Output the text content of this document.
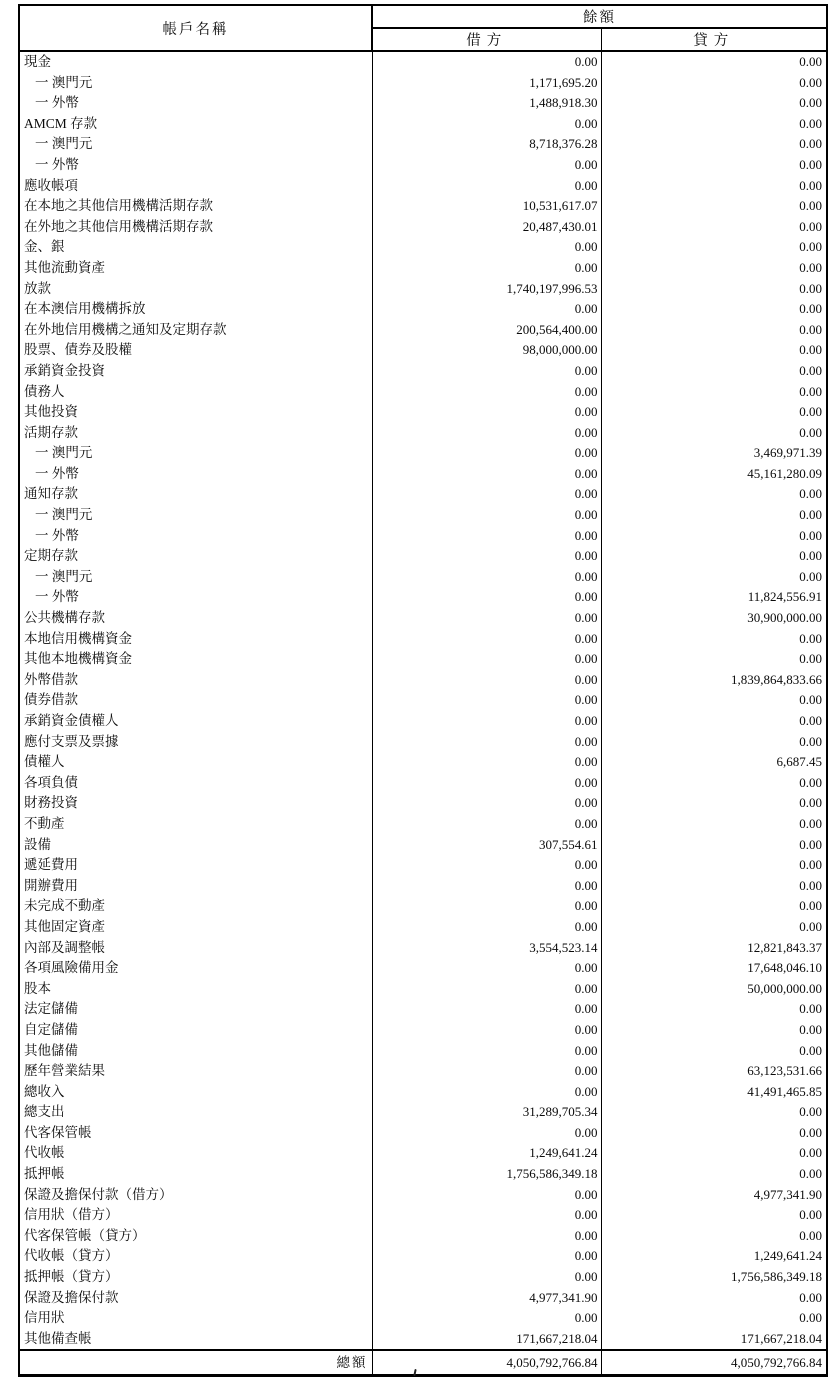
帳戶名稱	餘額	
	借方	貸方
現金	0.00	0.00
一 澳門元	1,171,695.20	0.00
一 外幣	1,488,918.30	0.00
AMCM 存款	0.00	0.00
一 澳門元	8,718,376.28	0.00
一 外幣	0.00	0.00
應收帳項	0.00	0.00
在本地之其他信用機構活期存款	10,531,617.07	0.00
在外地之其他信用機構活期存款	20,487,430.01	0.00
金、銀	0.00	0.00
其他流動資產	0.00	0.00
放款	1,740,197,996.53	0.00
在本澳信用機構拆放	0.00	0.00
在外地信用機構之通知及定期存款	200,564,400.00	0.00
股票、債券及股權	98,000,000.00	0.00
承銷資金投資	0.00	0.00
債務人	0.00	0.00
其他投資	0.00	0.00
活期存款	0.00	0.00
一 澳門元	0.00	3,469,971.39
一 外幣	0.00	45,161,280.09
通知存款	0.00	0.00
一 澳門元	0.00	0.00
一 外幣	0.00	0.00
定期存款	0.00	0.00
一 澳門元	0.00	0.00
一 外幣	0.00	11,824,556.91
公共機構存款	0.00	30,900,000.00
本地信用機構資金	0.00	0.00
其他本地機構資金	0.00	0.00
外幣借款	0.00	1,839,864,833.66
債券借款	0.00	0.00
承銷資金債權人	0.00	0.00
應付支票及票據	0.00	0.00
債權人	0.00	6,687.45
各項負債	0.00	0.00
財務投資	0.00	0.00
不動產	0.00	0.00
設備	307,554.61	0.00
遞延費用	0.00	0.00
開辦費用	0.00	0.00
未完成不動產	0.00	0.00
其他固定資產	0.00	0.00
內部及調整帳	3,554,523.14	12,821,843.37
各項風險備用金	0.00	17,648,046.10
股本	0.00	50,000,000.00
法定儲備	0.00	0.00
自定儲備	0.00	0.00
其他儲備	0.00	0.00
歷年營業結果	0.00	63,123,531.66
總收入	0.00	41,491,465.85
總支出	31,289,705.34	0.00
代客保管帳	0.00	0.00
代收帳	1,249,641.24	0.00
抵押帳	1,756,586,349.18	0.00
保證及擔保付款（借方）	0.00	4,977,341.90
信用狀（借方）	0.00	0.00
代客保管帳（貸方）	0.00	0.00
代收帳（貸方）	0.00	1,249,641.24
抵押帳（貸方）	0.00	1,756,586,349.18
保證及擔保付款	4,977,341.90	0.00
信用狀	0.00	0.00
其他備查帳	171,667,218.04	171,667,218.04
總額	4,050,792,766.84	4,050,792,766.84
